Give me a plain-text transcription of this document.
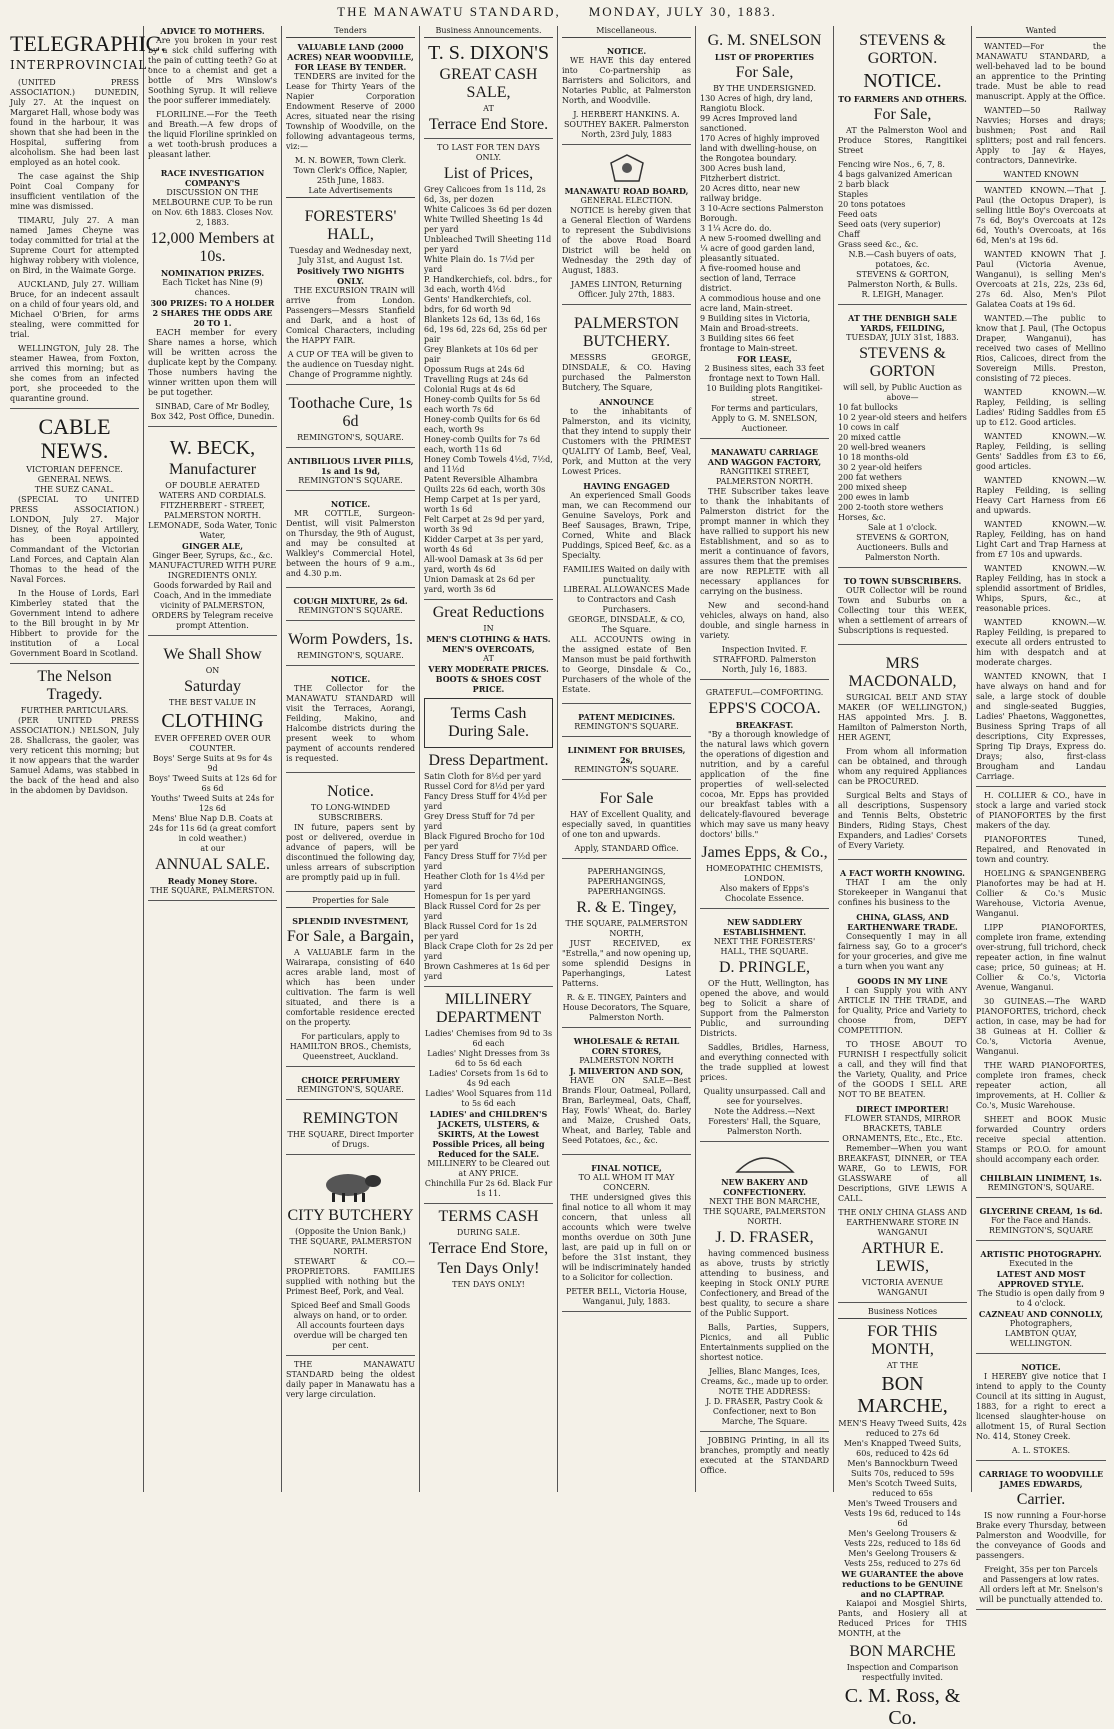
THE MANAWATU STANDARD, MONDAY, JULY 30, 1883.
TELEGRAPHIC.
INTERPROVINCIAL.

(UNITED PRESS ASSOCIATION.) DUNEDIN, July 27. At the inquest on Margaret Hall, whose body was found in the harbour, it was shown that she had been in the Hospital, suffering from alcoholism. She had been last employed as an hotel cook.

The case against the Ship Point Coal Company for insufficient ventilation of the mine was dismissed.

TIMARU, July 27. A man named James Cheyne was today committed for trial at the Supreme Court for attempted highway robbery with violence, on Bird, in the Waimate Gorge.

AUCKLAND, July 27. William Bruce, for an indecent assault on a child of four years old, and Michael O'Brien, for arms stealing, were committed for trial.

WELLINGTON, July 28. The steamer Hawea, from Foxton, arrived this morning; but as she comes from an infected port, she proceeded to the quarantine ground.

CABLE NEWS.
VICTORIAN DEFENCE.
GENERAL NEWS.
THE SUEZ CANAL.

(SPECIAL TO UNITED PRESS ASSOCIATION.) LONDON, July 27. Major Disney, of the Royal Artillery, has been appointed Commandant of the Victorian Land Forces, and Captain Alan Thomas to the head of the Naval Forces.

In the House of Lords, Earl Kimberley stated that the Government intend to adhere to the Bill brought in by Mr Hibbert to provide for the institution of a Local Government Board in Scotland.

The Nelson Tragedy.
FURTHER PARTICULARS.

(PER UNITED PRESS ASSOCIATION.) NELSON, July 28. Shallcrass, the gaoler, was very reticent this morning; but it now appears that the warder Samuel Adams, was stabbed in the back of the head and also in the abdomen by Davidson.

ADVICE TO MOTHERS.

Are you broken in your rest by a sick child suffering with the pain of cutting teeth? Go at once to a chemist and get a bottle of Mrs Winslow's Soothing Syrup. It will relieve the poor sufferer immediately.

FLORILINE.—For the Teeth and Breath.—A few drops of the liquid Floriline sprinkled on a wet tooth-brush produces a pleasant lather.

RACE INVESTIGATION COMPANY'S
DISCUSSION ON THE MELBOURNE CUP. To be run on Nov. 6th 1883. Closes Nov. 2, 1883.
12,000 Members at 10s.
NOMINATION PRIZES.
Each Ticket has Nine (9) chances.
300 PRIZES: TO A HOLDER 2 SHARES THE ODDS ARE 20 TO 1.

EACH member for every Share names a horse, which will be written across the duplicate kept by the Company. Those numbers having the winner written upon them will be put together.

SINBAD, Care of Mr Bodley, Box 342, Post Office, Dunedin.
W. BECK,
Manufacturer
OF DOUBLE AERATED WATERS AND CORDIALS.
FITZHERBERT - STREET, PALMERSTON NORTH.
LEMONADE, Soda Water, Tonic Water,
GINGER ALE,
Ginger Beer, Syrups, &c., &c.
MANUFACTURED WITH PURE INGREDIENTS ONLY.
Goods forwarded by Rail and Coach, And in the immediate vicinity of PALMERSTON,
ORDERS by Telegram receive prompt Attention.
We Shall Show
ON
Saturday
THE BEST VALUE IN
CLOTHING
EVER OFFERED OVER OUR COUNTER.
Boys' Serge Suits at 9s for 4s 9d
Boys' Tweed Suits at 12s 6d for 6s 6d
Youths' Tweed Suits at 24s for 12s 6d
Mens' Blue Nap D.B. Coats at 24s for 11s 6d (a great comfort in cold weather.)
at our
ANNUAL SALE.
Ready Money Store.
THE SQUARE, PALMERSTON.
Tenders
VALUABLE LAND (2000 ACRES) NEAR WOODVILLE, FOR LEASE BY TENDER.

TENDERS are invited for the Lease for Thirty Years of the Napier Corporation Endowment Reserve of 2000 Acres, situated near the rising Township of Woodville, on the following advantageous terms, viz:—

M. N. BOWER, Town Clerk.
Town Clerk's Office, Napier, 25th June, 1883.
Late Advertisements
FORESTERS' HALL,
Tuesday and Wednesday next, July 31st, and August 1st.
Positively TWO NIGHTS ONLY.

THE EXCURSION TRAIN will arrive from London. Passengers—Messrs Stanfield and Dark, and a host of Comical Characters, including the HAPPY FAIR.

A CUP OF TEA will be given to the audience on Tuesday night.
Change of Programme nightly.
Toothache Cure, 1s 6d
REMINGTON'S, SQUARE.
ANTIBILIOUS LIVER PILLS, 1s and 1s 9d,
REMINGTON'S SQUARE.
NOTICE.

MR COTTLE, Surgeon-Dentist, will visit Palmerston on Thursday, the 9th of August, and may be consulted at Walkley's Commercial Hotel, between the hours of 9 a.m., and 4.30 p.m.

COUGH MIXTURE, 2s 6d.
REMINGTON'S SQUARE.
Worm Powders, 1s.
REMINGTON'S, SQUARE.
NOTICE.

THE Collector for the MANAWATU STANDARD will visit the Terraces, Aorangi, Feilding, Makino, and Halcombe districts during the present week to whom payment of accounts rendered is requested.

Notice.
TO LONG-WINDED SUBSCRIBERS.

IN future, papers sent by post or delivered, overdue in advance of papers, will be discontinued the following day, unless arrears of subscription are promptly paid up in full.

Properties for Sale
SPLENDID INVESTMENT,
For Sale, a Bargain,

A VALUABLE farm in the Wairarapa, consisting of 640 acres arable land, most of which has been under cultivation. The farm is well situated, and there is a comfortable residence erected on the property.

For particulars, apply to HAMILTON BROS., Chemists, Queenstreet, Auckland.
CHOICE PERFUMERY
REMINGTON'S, SQUARE.
REMINGTON
THE SQUARE, Direct Importer of Drugs.
CITY BUTCHERY
(Opposite the Union Bank,) THE SQUARE, PALMERSTON NORTH.

STEWART & CO.—PROPRIETORS. FAMILIES supplied with nothing but the Primest Beef, Pork, and Veal.

Spiced Beef and Small Goods always on hand, or to order.
All accounts fourteen days overdue will be charged ten per cent.

THE MANAWATU STANDARD being the oldest daily paper in Manawatu has a very large circulation.

Business Announcements.
T. S. DIXON'S
GREAT CASH SALE,
AT
Terrace End Store.
TO LAST FOR TEN DAYS ONLY.
List of Prices,
Grey Calicoes from 1s 11d, 2s 6d, 3s, per dozen
White Calicoes 3s 6d per dozen
White Twilled Sheeting 1s 4d per yard
Unbleached Twill Sheeting 11d per yard
White Plain do. 1s 7½d per yard
P. Handkerchiefs, col. bdrs., for 3d each, worth 4½d
Gents' Handkerchiefs, col. bdrs, for 6d worth 9d
Blankets 12s 6d, 13s 6d, 16s 6d, 19s 6d, 22s 6d, 25s 6d per pair
Grey Blankets at 10s 6d per pair
Opossum Rugs at 24s 6d
Travelling Rugs at 24s 6d
Colonial Rugs at 4s 6d
Honey-comb Quilts for 5s 6d each worth 7s 6d
Honey-comb Quilts for 6s 6d each, worth 9s
Honey-comb Quilts for 7s 6d each, worth 11s 6d
Honey Comb Towels 4½d, 7½d, and 11½d
Patent Reversible Alhambra Quilts 22s 6d each, worth 30s
Hemp Carpet at 1s per yard, worth 1s 6d
Felt Carpet at 2s 9d per yard, worth 3s 9d
Kidder Carpet at 3s per yard, worth 4s 6d
All-wool Damask at 3s 6d per yard, worth 4s 6d
Union Damask at 2s 6d per yard, worth 3s 6d
Great Reductions
IN
MEN'S CLOTHING & HATS.
MEN'S OVERCOATS,
AT
VERY MODERATE PRICES.
BOOTS & SHOES COST PRICE.
Terms Cash During Sale.
Dress Department.
Satin Cloth for 8½d per yard
Russel Cord for 8½d per yard
Fancy Dress Stuff for 4½d per yard
Grey Dress Stuff for 7d per yard
Black Figured Brocho for 10d per yard
Fancy Dress Stuff for 7½d per yard
Heather Cloth for 1s 4½d per yard
Homespun for 1s per yard
Black Russel Cord for 2s per yard
Black Russel Cord for 1s 2d per yard
Black Crape Cloth for 2s 2d per yard
Brown Cashmeres at 1s 6d per yard
MILLINERY DEPARTMENT
Ladies' Chemises from 9d to 3s 6d each
Ladies' Night Dresses from 3s 6d to 5s 6d each
Ladies' Corsets from 1s 6d to 4s 9d each
Ladies' Wool Squares from 11d to 5s 6d each
LADIES' and CHILDREN'S JACKETS, ULSTERS, & SKIRTS, At the Lowest Possible Prices, all being Reduced for the SALE.
MILLINERY to be Cleared out at ANY PRICE.
Chinchilla Fur 2s 6d. Black Fur 1s 11.
TERMS CASH
DURING SALE.
Terrace End Store,
Ten Days Only!
TEN DAYS ONLY!
Miscellaneous.
NOTICE.

WE HAVE this day entered into Co-partnership as Barristers and Solicitors, and Notaries Public, at Palmerston North, and Woodville.

J. HERBERT HANKINS. A. SOUTHEY BAKER. Palmerston North, 23rd July, 1883
MANAWATU ROAD BOARD,
GENERAL ELECTION.

NOTICE is hereby given that a General Election of Wardens to represent the Subdivisions of the above Road Board District will be held on Wednesday the 29th day of August, 1883.

JAMES LINTON, Returning Officer. July 27th, 1883.
PALMERSTON BUTCHERY.

MESSRS GEORGE, DINSDALE, & CO. Having purchased the Palmerston Butchery, The Square,

ANNOUNCE

to the inhabitants of Palmerston, and its vicinity, that they intend to supply their Customers with the PRIMEST QUALITY Of Lamb, Beef, Veal, Pork, and Mutton at the very Lowest Prices.

HAVING ENGAGED

An experienced Small Goods man, we can Recommend our Genuine Saveloys, Pork and Beef Sausages, Brawn, Tripe, Corned, White and Black Puddings, Spiced Beef, &c. as a Specialty.

FAMILIES Waited on daily with punctuality.
LIBERAL ALLOWANCES Made to Contractors and Cash Purchasers.
GEORGE, DINSDALE, & CO, The Square.

ALL ACCOUNTS owing in the assigned estate of Ben Manson must be paid forthwith to George, Dinsdale & Co., Purchasers of the whole of the Estate.

PATENT MEDICINES.
REMINGTON'S SQUARE.
LINIMENT FOR BRUISES, 2s,
REMINGTON'S SQUARE.
For Sale

HAY of Excellent Quality, and especially saved, in quantities of one ton and upwards.

Apply, STANDARD Office.
PAPERHANGINGS, PAPERHANGINGS, PAPERHANGINGS.
R. & E. Tingey,
THE SQUARE, PALMERSTON NORTH,

JUST RECEIVED, ex "Estrella," and now opening up, some splendid Designs in Paperhangings, Latest Patterns.

R. & E. TINGEY, Painters and House Decorators, The Square, Palmerston North.
WHOLESALE & RETAIL CORN STORES,
PALMERSTON NORTH
J. MILVERTON AND SON,

HAVE ON SALE—Best Brands Flour, Oatmeal, Pollard, Bran, Barleymeal, Oats, Chaff, Hay, Fowls' Wheat, do. Barley and Maize, Crushed Oats, Wheat, and Barley, Table and Seed Potatoes, &c., &c.

FINAL NOTICE,
TO ALL WHOM IT MAY CONCERN.

THE undersigned gives this final notice to all whom it may concern, that unless all accounts which were twelve months overdue on 30th June last, are paid up in full on or before the 31st instant, they will be indiscriminately handed to a Solicitor for collection.

PETER BELL, Victoria House, Wanganui, July, 1883.
G. M. SNELSON
LIST OF PROPERTIES
For Sale,
BY THE UNDERSIGNED.
130 Acres of high, dry land, Rangiotu Block.
99 Acres Improved land sanctioned.
170 Acres of highly improved land with dwelling-house, on the Rongotea boundary.
300 Acres bush land, Fitzherbert district.
20 Acres ditto, near new railway bridge.
3 10-Acre sections Palmerston Borough.
3 1¼ Acre do. do.
A new 5-roomed dwelling and ¼ acre of good garden land, pleasantly situated.
A five-roomed house and section of land, Terrace district.
A commodious house and one acre land, Main-street.
9 Building sites in Victoria, Main and Broad-streets.
3 Building sites 66 feet frontage to Main-street.
FOR LEASE,
2 Business sites, each 33 feet frontage next to Town Hall.
10 Building plots Rangitikei-street.
For terms and particulars, Apply to G. M. SNELSON, Auctioneer.
MANAWATU CARRIAGE AND WAGGON FACTORY,
RANGITIKEI STREET, PALMERSTON NORTH.

THE Subscriber takes leave to thank the inhabitants of Palmerston district for the prompt manner in which they have rallied to support his new Establishment, and so as to merit a continuance of favors, assures them that the premises are now REPLETE with all necessary appliances for carrying on the business.

New and second-hand vehicles, always on hand, also double, and single harness in variety.

Inspection Invited. F. STRAFFORD. Palmerston North, July 16, 1883.
GRATEFUL—COMFORTING.
EPPS'S COCOA.
BREAKFAST.

"By a thorough knowledge of the natural laws which govern the operations of digestion and nutrition, and by a careful application of the fine properties of well-selected cocoa, Mr. Epps has provided our breakfast tables with a delicately-flavoured beverage which may save us many heavy doctors' bills."

James Epps, & Co.,
HOMEOPATHIC CHEMISTS, LONDON.
Also makers of Epps's Chocolate Essence.
NEW SADDLERY ESTABLISHMENT.
NEXT THE FORESTERS' HALL, THE SQUARE.
D. PRINGLE,

OF the Hutt, Wellington, has opened the above, and would beg to Solicit a share of Support from the Palmerston Public, and surrounding Districts.

Saddles, Bridles, Harness, and everything connected with the trade supplied at lowest prices.

Quality unsurpassed. Call and see for yourselves.
Note the Address.—Next Foresters' Hall, the Square, Palmerston North.
NEW BAKERY AND CONFECTIONERY.
NEXT THE BON MARCHE,
THE SQUARE, PALMERSTON NORTH.
J. D. FRASER,

having commenced business as above, trusts by strictly attending to business, and keeping in Stock ONLY PURE Confectionery, and Bread of the best quality, to secure a share of the Public Support.

Balls, Parties, Suppers, Picnics, and all Public Entertainments supplied on the shortest notice.

Jellies, Blanc Manges, Ices, Creams, &c., made up to order.
NOTE THE ADDRESS:
J. D. FRASER, Pastry Cook & Confectioner, next to Bon Marche, The Square.

JOBBING Printing, in all its branches, promptly and neatly executed at the STANDARD Office.

STEVENS & GORTON.
NOTICE.
TO FARMERS AND OTHERS.
For Sale,

AT the Palmerston Wool and Produce Stores, Rangitikei Street

Fencing wire Nos., 6, 7, 8.
4 bags galvanized American
2 barb black
Staples
20 tons potatoes
Feed oats
Seed oats (very superior)
Chaff
Grass seed &c., &c.
N.B.—Cash buyers of oats, potatoes, &c.
STEVENS & GORTON, Palmerston North, & Bulls.
R. LEIGH, Manager.
AT THE DENBIGH SALE YARDS, FEILDING,
TUESDAY, JULY 31st, 1883.
STEVENS & GORTON
will sell, by Public Auction as above—
10 fat bullocks
10 2 year-old steers and heifers
10 cows in calf
20 mixed cattle
20 well-bred weaners
10 18 months-old
30 2 year-old heifers
200 fat wethers
200 mixed sheep
200 ewes in lamb
200 2-tooth store wethers
Horses, &c.
Sale at 1 o'clock.
STEVENS & GORTON, Auctioneers. Bulls and Palmerston North.
TO TOWN SUBSCRIBERS.

OUR Collector will be round Town and Suburbs on a Collecting tour this WEEK, when a settlement of arrears of Subscriptions is requested.

MRS MACDONALD,

SURGICAL BELT AND STAY MAKER (OF WELLINGTON,) HAS appointed Mrs. J. B. Hamilton of Palmerston North, HER AGENT,

From whom all information can be obtained, and through whom any required Appliances can be PROCURED.

Surgical Belts and Stays of all descriptions, Suspensory and Tennis Belts, Obstetric Binders, Riding Stays, Chest Expanders, and Ladies' Corsets of Every Variety.

A FACT WORTH KNOWING.

THAT I am the only Storekeeper in Wanganui that confines his business to the

CHINA, GLASS, AND EARTHENWARE TRADE.

Consequently I may in all fairness say, Go to a grocer's for your groceries, and give me a turn when you want any

GOODS IN MY LINE

I can Supply you with ANY ARTICLE IN THE TRADE, and for Quality, Price and Variety to choose from, DEFY COMPETITION.

TO THOSE ABOUT TO FURNISH I respectfully solicit a call, and they will find that the Variety, Quality, and Price of the GOODS I SELL ARE NOT TO BE BEATEN.

DIRECT IMPORTER!
FLOWER STANDS, MIRROR BRACKETS, TABLE ORNAMENTS, Etc., Etc., Etc.

Remember—When you want BREAKFAST, DINNER, or TEA WARE, Go to LEWIS, FOR GLASSWARE of all Descriptions, GIVE LEWIS A CALL.

THE ONLY CHINA GLASS AND EARTHENWARE STORE IN WANGANUI
ARTHUR E. LEWIS,
VICTORIA AVENUE WANGANUI
Business Notices
FOR THIS MONTH,
AT THE
BON MARCHE,
MEN'S Heavy Tweed Suits, 42s reduced to 27s 6d
Men's Knapped Tweed Suits, 60s, reduced to 42s 6d
Men's Bannockburn Tweed Suits 70s, reduced to 59s
Men's Scotch Tweed Suits, reduced to 65s
Men's Tweed Trousers and Vests 19s 6d, reduced to 14s 6d
Men's Geelong Trousers & Vests 22s, reduced to 18s 6d
Men's Geelong Trousers & Vests 25s, reduced to 27s 6d
WE GUARANTEE the above reductions to be GENUINE and no CLAPTRAP.

Kaiapoi and Mosgiel Shirts, Pants, and Hosiery all at Reduced Prices for THIS MONTH, at the

BON MARCHE
Inspection and Comparison respectfully invited.
C. M. Ross, & Co.
Wanted

WANTED—For the MANAWATU STANDARD, a well-behaved lad to be bound an apprentice to the Printing trade. Must be able to read manuscript. Apply at the Office.

WANTED—50 Railway Navvies; Horses and drays; bushmen; Post and Rail splitters; post and rail fencers. Apply to Jay & Hayes, contractors, Dannevirke.

WANTED KNOWN

WANTED KNOWN.—That J. Paul (the Octopus Draper), is selling little Boy's Overcoats at 7s 6d, Boy's Overcoats at 12s 6d, Youth's Overcoats, at 16s 6d, Men's at 19s 6d.

WANTED KNOWN That J. Paul (Victoria Avenue, Wanganui), is selling Men's Overcoats at 21s, 22s, 23s 6d, 27s 6d. Also, Men's Pilot Galatea Coats at 19s 6d.

WANTED.—The public to know that J. Paul, (The Octopus Draper, Wanganui), has received two cases of Mellino Rios, Calicoes, direct from the Sovereign Mills. Preston, consisting of 72 pieces.

WANTED KNOWN.—W. Rapley, Feilding, is selling Ladies' Riding Saddles from £5 up to £12. Good articles.

WANTED KNOWN.—W. Rapley, Feilding, is selling Gents' Saddles from £3 to £6, good articles.

WANTED KNOWN.—W. Rapley Feilding, is selling Heavy Cart Harness from £6 and upwards.

WANTED KNOWN.—W. Rapley, Feilding, has on hand Light Cart and Trap Harness at from £7 10s and upwards.

WANTED KNOWN.—W. Rapley Feilding, has in stock a splendid assortment of Bridles, Whips, Spurs, &c., at reasonable prices.

WANTED KNOWN.—W. Rapley Feilding, is prepared to execute all orders entrusted to him with despatch and at moderate charges.

WANTED KNOWN, that I have always on hand and for sale, a large stock of double and single-seated Buggies, Ladies' Phaetons, Waggonettes, Business Spring Traps of all descriptions, City Expresses, Spring Tip Drays, Express do. Drays; also, first-class Brougham and Landau Carriage.

H. COLLIER & CO., have in stock a large and varied stock of PIANOFORTES by the first makers of the day.

PIANOFORTES Tuned, Repaired, and Renovated in town and country.

HOELING & SPANGENBERG Pianofortes may be had at H. Collier & Co.'s Music Warehouse, Victoria Avenue, Wanganui.

LIPP PIANOFORTES, complete iron frame, extending over-strung, full trichord, check repeater action, in fine walnut case; price, 50 guineas; at H. Collier & Co.'s, Victoria Avenue, Wanganui.

30 GUINEAS.—The WARD PIANOFORTES, trichord, check action, in case, may be had for 38 Guineas at H. Collier & Co.'s, Victoria Avenue, Wanganui.

THE WARD PIANOFORTES, complete iron frames, check repeater action, all improvements, at H. Collier & Co.'s, Music Warehouse.

SHEET and BOOK Music forwarded Country orders receive special attention. Stamps or P.O.O. for amount should accompany each order.

CHILBLAIN LINIMENT, 1s.
REMINGTON'S, SQUARE.
GLYCERINE CREAM, 1s 6d.
For the Face and Hands.
REMINGTON'S, SQUARE
ARTISTIC PHOTOGRAPHY.
Executed in the
LATEST AND MOST APPROVED STYLE.
The Studio is open daily from 9 to 4 o'clock.
CAZNEAU AND CONNOLLY,
Photographers,
LAMBTON QUAY,
WELLINGTON.
NOTICE.

I HEREBY give notice that I intend to apply to the County Council at its sitting in August, 1883, for a right to erect a licensed slaughter-house on allotment 15, of Rural Section No. 414, Stoney Creek.

A. L. STOKES.
CARRIAGE TO WOODVILLE
JAMES EDWARDS,
Carrier.

IS now running a Four-horse Brake every Thursday, between Palmerston and Woodville, for the conveyance of Goods and passengers.

Freight, 35s per ton Parcels and Passengers at low rates.
All orders left at Mr. Snelson's will be punctually attended to.
